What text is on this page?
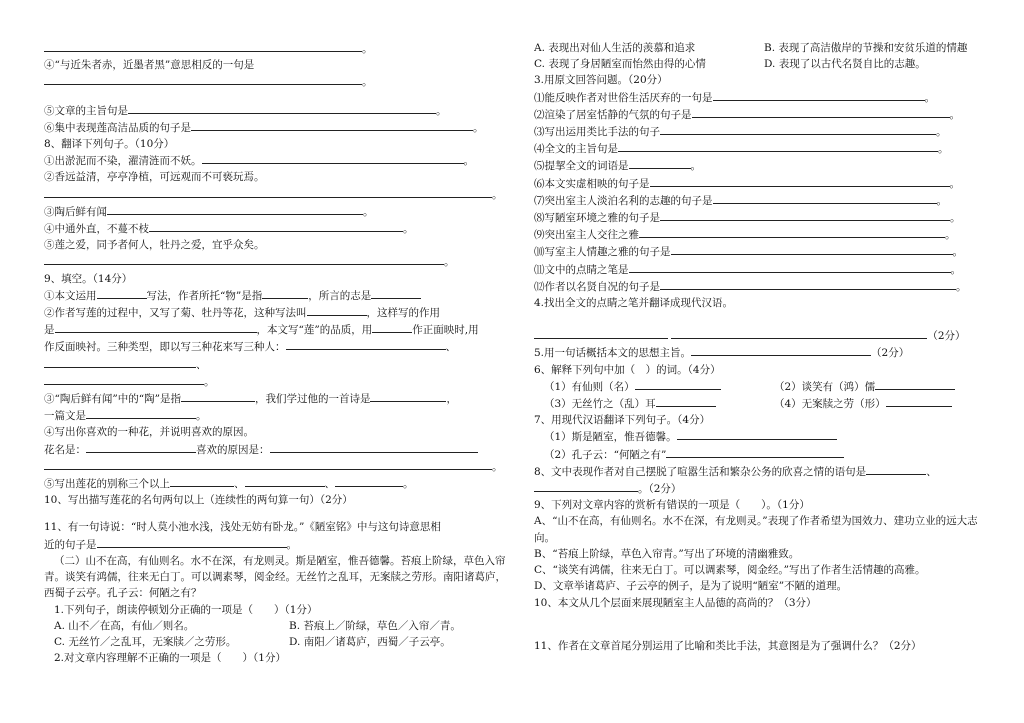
。
④“与近朱者赤，近墨者黑”意思相反的一句是
。
⑤文章的主旨句是	。
⑥集中表现莲高洁品质的句子是	。
8、翻译下列句子。（10分）
①出淤泥而不染，濯清涟而不妖。	。
②香远益清，亭亭净植，可远观而不可亵玩焉。
。
③陶后鲜有闻	。
④中通外直，不蔓不枝	。
⑤莲之爱，同予者何人，牡丹之爱，宜乎众矣。
。
9、填空。（14分）
①本文运用	写法，作者所托“物”是指	，所言的志是
②作者写莲的过程中，又写了菊、牡丹等花，这种写法叫	，这样写的作用
是	，本文写“莲”的品质，用	作正面映时,用
作反面映衬。三种类型，即以写三种花来写三种人：	、
、
。
③“陶后鲜有闻”中的“陶”是指	，我们学过他的一首诗是	，
一篇文是	。
④写出你喜欢的一种花，并说明喜欢的原因。
花名是：	喜欢的原因是：
。
⑤写出莲花的别称三个以上	、	、	。
10、写出描写莲花的名句两句以上（连续性的两句算一句）（2分）
11、有一句诗说：“时人莫小池水浅，浅处无妨有卧龙。”《陋室铭》中与这句诗意思相
近的句子是	。
（二）山不在高，有仙则名。水不在深，有龙则灵。斯是陋室，惟吾德馨。苔痕上阶绿，草色入帘青。谈笑有鸿儒，往来无白丁。可以调素琴，阅金经。无丝竹之乱耳，无案牍之劳形。南阳诸葛庐，西蜀子云亭。孔子云：何陋之有？
1.下列句子，朗读停顿划分正确的一项是（　　）（1分）
A. 山不／在高，有仙／则名。	B. 苔痕上／阶绿，草色／入帘／青。
C. 无丝竹／之乱耳，无案牍／之劳形。	D. 南阳／诸葛庐，西蜀／子云亭。
2.对文章内容理解不正确的一项是（　　）（1分）
A. 表现出对仙人生活的羡慕和追求	B. 表现了高洁傲岸的节操和安贫乐道的情趣
C. 表现了身居陋室而怡然由得的心情	D. 表现了以古代名贤自比的志趣。
3.用原文回答问题。（20分）
⑴能反映作者对世俗生活厌弃的一句是	。
⑵渲染了居室恬静的气氛的句子是	。
⑶写出运用类比手法的句子	。
⑷全文的主旨句是	。
⑸提挈全文的词语是	。
⑹本文实虚相映的句子是	。
⑺突出室主人淡泊名利的志趣的句子是	。
⑻写陋室环境之雅的句子是	。
⑼突出室主人交往之雅	。
⑽写室主人情趣之雅的句子是	。
⑾文中的点睛之笔是	。
⑿作者以名贤自况的句子是	。
4.找出全文的点睛之笔并翻译成现代汉语。
（2分）
5.用一句话概括本文的思想主旨。	（2分）
6、解释下列句中加（　）的词。（4分）
（1）有仙则（名）	（2）谈笑有（鸿）儒
（3）无丝竹之（乱）耳	（4）无案牍之劳（形）
7、用现代汉语翻译下列句子。（4分）
（1）斯是陋室，惟吾德馨。
（2）孔子云：“何陋之有”
8、文中表现作者对自己摆脱了喧嚣生活和繁杂公务的欣喜之情的语句是	、
。（2分）
9、下列对文章内容的赏析有错误的一项是（　　）。（1分）
A、“山不在高，有仙则名。水不在深，有龙则灵。”表现了作者希望为国效力、建功立业的远大志向。
B、“苔痕上阶绿，草色入帘青。”写出了环境的清幽雅致。
C、“谈笑有鸿儒，往来无白丁。可以调素琴，阅金经。”写出了作者生活情趣的高雅。
D、文章举诸葛庐、子云亭的例子，是为了说明“陋室”不陋的道理。
10、本文从几个层面来展现陋室主人品德的高尚的？（3分）
11、作者在文章首尾分别运用了比喻和类比手法，其意图是为了强调什么？（2分）
